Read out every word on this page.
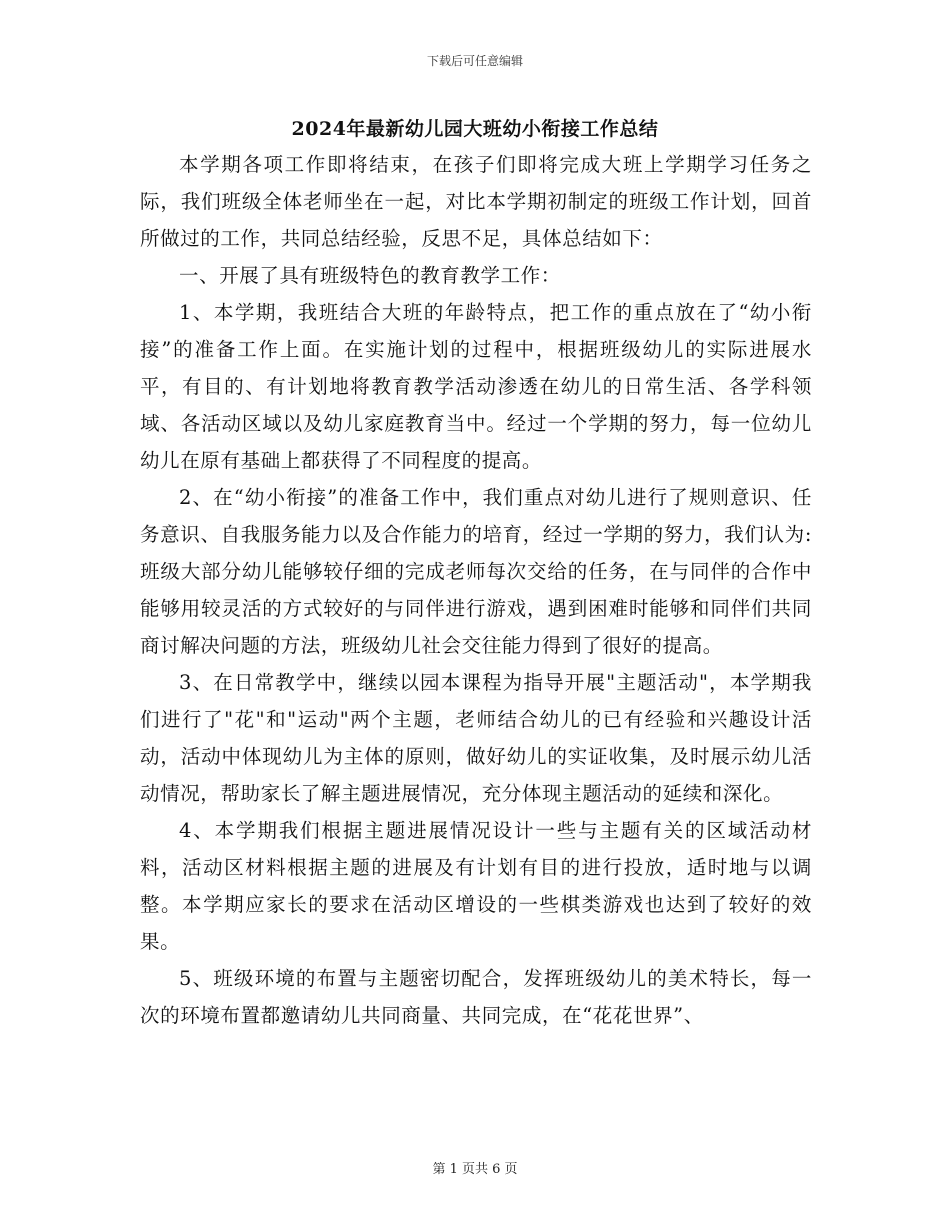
下载后可任意编辑
2024年最新幼儿园大班幼小衔接工作总结

本学期各项工作即将结束，在孩子们即将完成大班上学期学习任务之际，我们班级全体老师坐在一起，对比本学期初制定的班级工作计划，回首所做过的工作，共同总结经验，反思不足，具体总结如下：

一、开展了具有班级特色的教育教学工作：

1、本学期，我班结合大班的年龄特点，把工作的重点放在了“幼小衔接”的准备工作上面。在实施计划的过程中，根据班级幼儿的实际进展水平，有目的、有计划地将教育教学活动渗透在幼儿的日常生活、各学科领域、各活动区域以及幼儿家庭教育当中。经过一个学期的努力，每一位幼儿幼儿在原有基础上都获得了不同程度的提高。

2、在“幼小衔接”的准备工作中，我们重点对幼儿进行了规则意识、任务意识、自我服务能力以及合作能力的培育，经过一学期的努力，我们认为:班级大部分幼儿能够较仔细的完成老师每次交给的任务，在与同伴的合作中能够用较灵活的方式较好的与同伴进行游戏，遇到困难时能够和同伴们共同商讨解决问题的方法，班级幼儿社会交往能力得到了很好的提高。

3、在日常教学中，继续以园本课程为指导开展"主题活动"，本学期我们进行了"花"和"运动"两个主题，老师结合幼儿的已有经验和兴趣设计活动，活动中体现幼儿为主体的原则，做好幼儿的实证收集，及时展示幼儿活动情况，帮助家长了解主题进展情况，充分体现主题活动的延续和深化。

4、本学期我们根据主题进展情况设计一些与主题有关的区域活动材料，活动区材料根据主题的进展及有计划有目的进行投放，适时地与以调整。本学期应家长的要求在活动区增设的一些棋类游戏也达到了较好的效果。

5、班级环境的布置与主题密切配合，发挥班级幼儿的美术特长，每一次的环境布置都邀请幼儿共同商量、共同完成，在“花花世界”、

第 1 页共 6 页
